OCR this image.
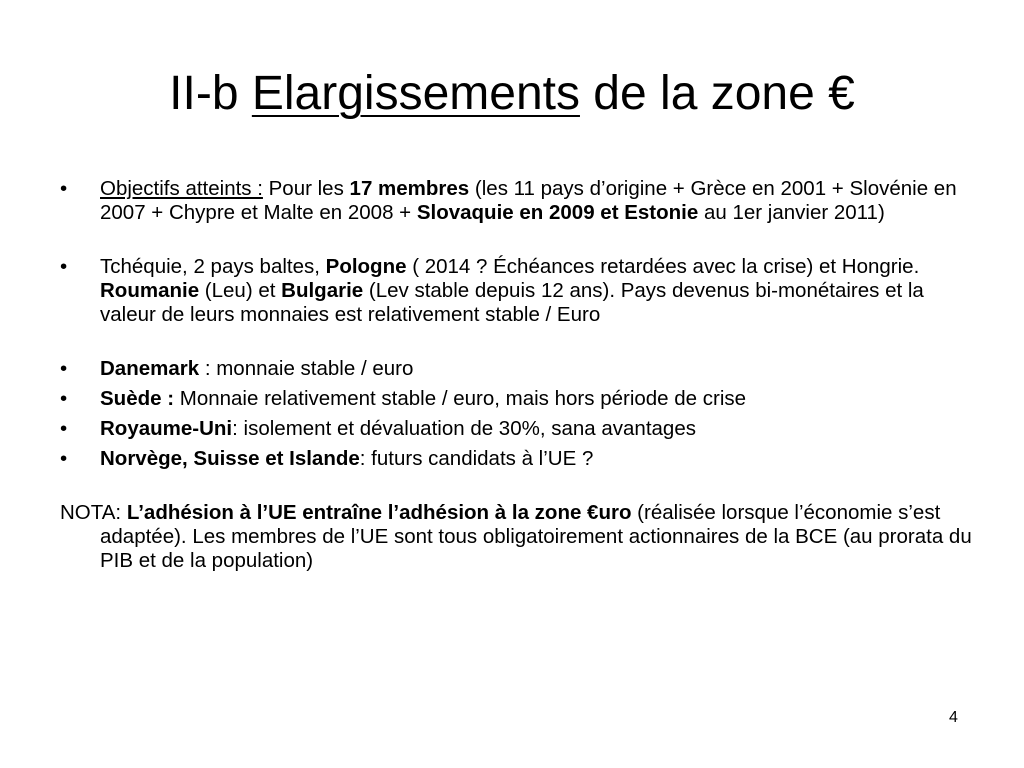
II-b Elargissements de la zone €
•	Objectifs atteints : Pour les 17 membres (les 11 pays d’origine + Grèce en 2001 + Slovénie en 2007 + Chypre et Malte en 2008 + Slovaquie en 2009 et Estonie au 1er janvier 2011)
•	Tchéquie, 2 pays baltes, Pologne ( 2014 ? Échéances retardées avec la crise) et Hongrie. Roumanie (Leu) et Bulgarie (Lev stable depuis 12 ans). Pays devenus bi-monétaires et la valeur de leurs monnaies est relativement stable / Euro
•	Danemark : monnaie stable / euro
•	Suède : Monnaie relativement stable / euro, mais hors période de crise
•	Royaume-Uni: isolement et dévaluation de 30%, sana avantages
•	Norvège, Suisse et Islande: futurs candidats à l’UE ?
NOTA: L’adhésion à l’UE entraîne l’adhésion à la zone €uro (réalisée lorsque l’économie s’est adaptée). Les membres de l’UE sont tous obligatoirement actionnaires de la BCE (au prorata du PIB et de la population)
4
